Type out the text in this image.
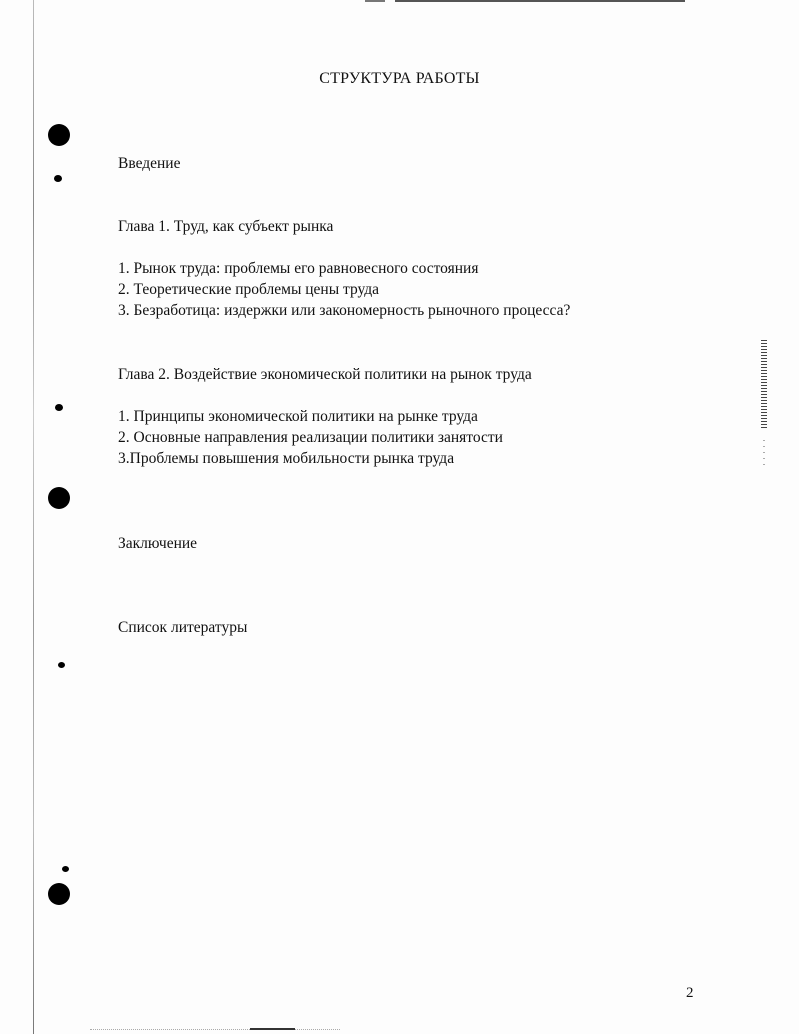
СТРУКТУРА РАБОТЫ
Введение
Глава 1. Труд, как субъект рынка
1. Рынок труда: проблемы его равновесного состояния
2. Теоретические проблемы цены труда
3. Безработица: издержки или закономерность рыночного процесса?
Глава 2. Воздействие экономической политики на рынок труда
1. Принципы экономической политики на рынке труда
2. Основные направления реализации политики занятости
3.Проблемы повышения мобильности рынка труда
Заключение
Список литературы
2
